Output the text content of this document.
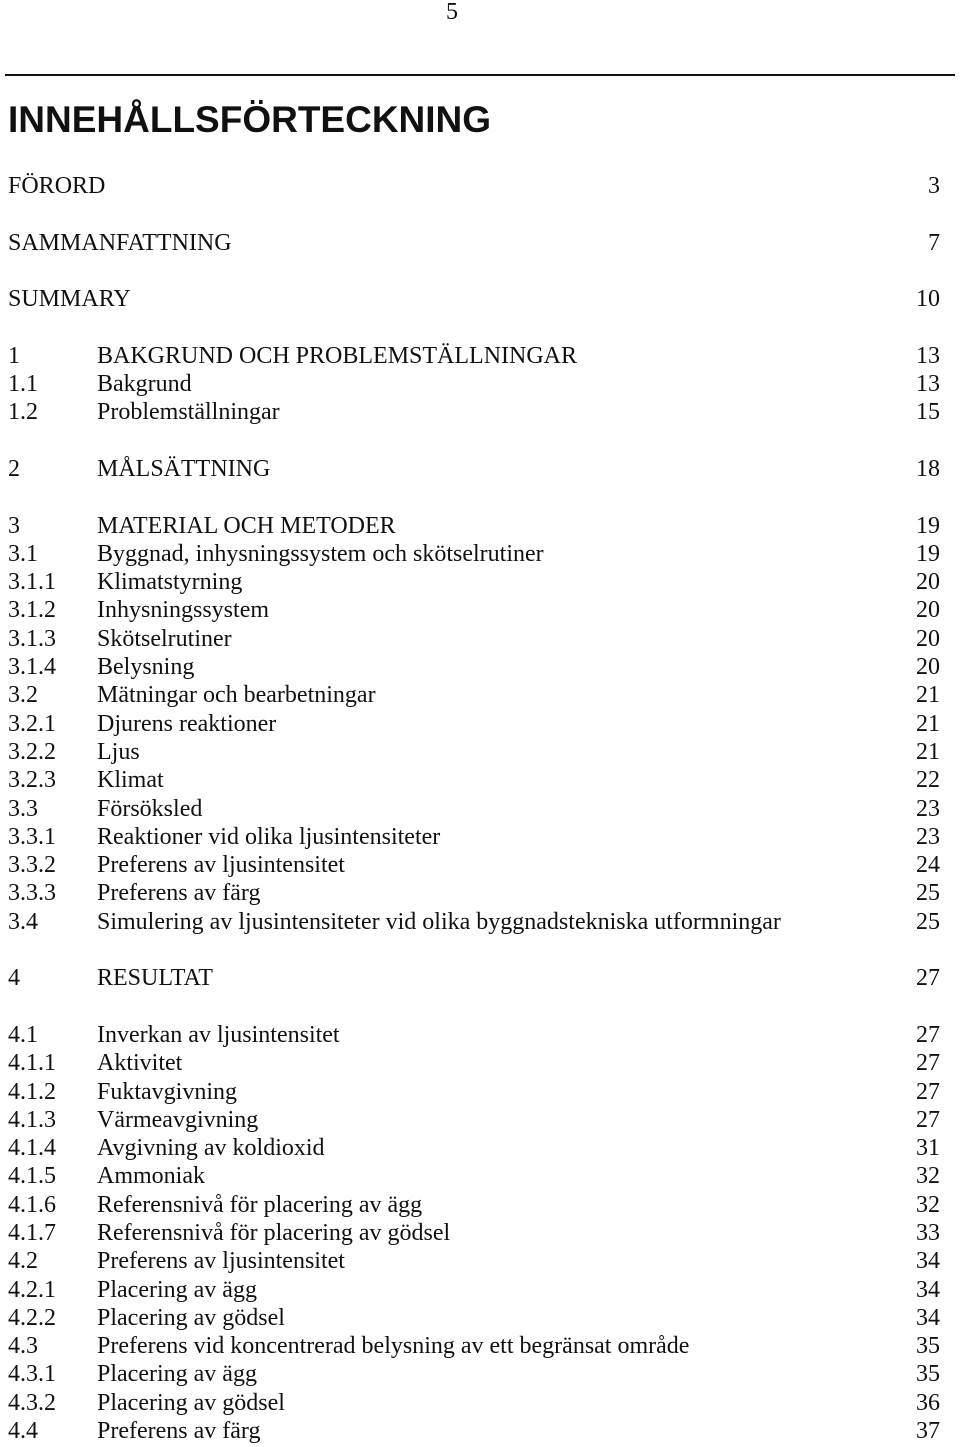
5
INNEHÅLLSFÖRTECKNING
FÖRORD	3
SAMMANFATTNING	7
SUMMARY	10
1	BAKGRUND OCH PROBLEMSTÄLLNINGAR	13
1.1	Bakgrund	13
1.2	Problemställningar	15
2	MÅLSÄTTNING	18
3	MATERIAL OCH METODER	19
3.1	Byggnad, inhysningssystem och skötselrutiner	19
3.1.1	Klimatstyrning	20
3.1.2	Inhysningssystem	20
3.1.3	Skötselrutiner	20
3.1.4	Belysning	20
3.2	Mätningar och bearbetningar	21
3.2.1	Djurens reaktioner	21
3.2.2	Ljus	21
3.2.3	Klimat	22
3.3	Försöksled	23
3.3.1	Reaktioner vid olika ljusintensiteter	23
3.3.2	Preferens av ljusintensitet	24
3.3.3	Preferens av färg	25
3.4	Simulering av ljusintensiteter vid olika byggnadstekniska utformningar	25
4	RESULTAT	27
4.1	Inverkan av ljusintensitet	27
4.1.1	Aktivitet	27
4.1.2	Fuktavgivning	27
4.1.3	Värmeavgivning	27
4.1.4	Avgivning av koldioxid	31
4.1.5	Ammoniak	32
4.1.6	Referensnivå för placering av ägg	32
4.1.7	Referensnivå för placering av gödsel	33
4.2	Preferens av ljusintensitet	34
4.2.1	Placering av ägg	34
4.2.2	Placering av gödsel	34
4.3	Preferens vid koncentrerad belysning av ett begränsat område	35
4.3.1	Placering av ägg	35
4.3.2	Placering av gödsel	36
4.4	Preferens av färg	37
